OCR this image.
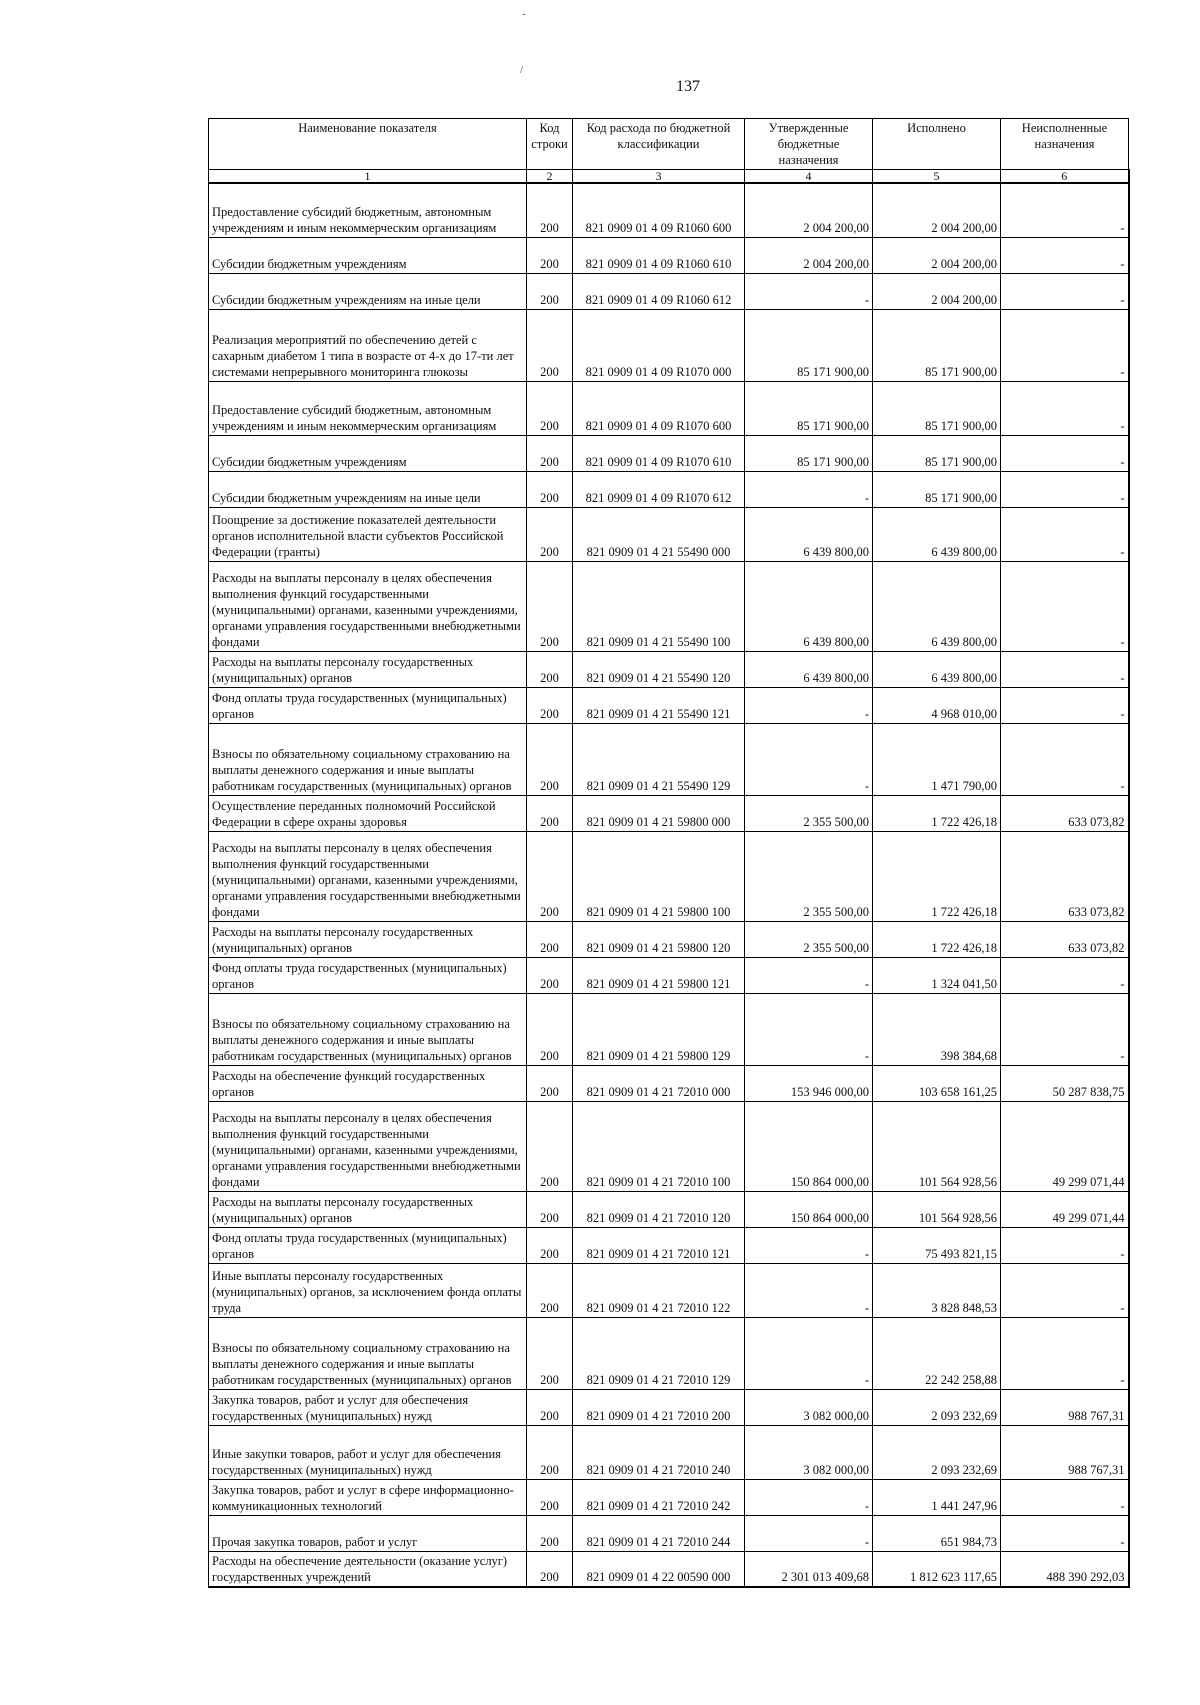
˘
/
137
Наименование показателя	Код строки	Код расхода по бюджетной классификации	Утвержденные бюджетные назначения	Исполнено	Неисполненные назначения
1	2	3	4	5	6
Предоставление субсидий бюджетным, автономным учреждениям и иным некоммерческим организациям	200	821 0909 01 4 09 R1060 600	2 004 200,00	2 004 200,00	-
Субсидии бюджетным учреждениям	200	821 0909 01 4 09 R1060 610	2 004 200,00	2 004 200,00	-
Субсидии бюджетным учреждениям на иные цели	200	821 0909 01 4 09 R1060 612	-	2 004 200,00	-
Реализация мероприятий по обеспечению детей с сахарным диабетом 1 типа в возрасте от 4-х до 17-ти лет системами непрерывного мониторинга глюкозы	200	821 0909 01 4 09 R1070 000	85 171 900,00	85 171 900,00	-
Предоставление субсидий бюджетным, автономным учреждениям и иным некоммерческим организациям	200	821 0909 01 4 09 R1070 600	85 171 900,00	85 171 900,00	-
Субсидии бюджетным учреждениям	200	821 0909 01 4 09 R1070 610	85 171 900,00	85 171 900,00	-
Субсидии бюджетным учреждениям на иные цели	200	821 0909 01 4 09 R1070 612	-	85 171 900,00	-
Поощрение за достижение показателей деятельности органов исполнительной власти субъектов Российской Федерации (гранты)	200	821 0909 01 4 21 55490 000	6 439 800,00	6 439 800,00	-
Расходы на выплаты персоналу в целях обеспечения выполнения функций государственными (муниципальными) органами, казенными учреждениями, органами управления государственными внебюджетными фондами	200	821 0909 01 4 21 55490 100	6 439 800,00	6 439 800,00	-
Расходы на выплаты персоналу государственных (муниципальных) органов	200	821 0909 01 4 21 55490 120	6 439 800,00	6 439 800,00	-
Фонд оплаты труда государственных (муниципальных) органов	200	821 0909 01 4 21 55490 121	-	4 968 010,00	-
Взносы по обязательному социальному страхованию на выплаты денежного содержания и иные выплаты работникам государственных (муниципальных) органов	200	821 0909 01 4 21 55490 129	-	1 471 790,00	-
Осуществление переданных полномочий Российской Федерации в сфере охраны здоровья	200	821 0909 01 4 21 59800 000	2 355 500,00	1 722 426,18	633 073,82
Расходы на выплаты персоналу в целях обеспечения выполнения функций государственными (муниципальными) органами, казенными учреждениями, органами управления государственными внебюджетными фондами	200	821 0909 01 4 21 59800 100	2 355 500,00	1 722 426,18	633 073,82
Расходы на выплаты персоналу государственных (муниципальных) органов	200	821 0909 01 4 21 59800 120	2 355 500,00	1 722 426,18	633 073,82
Фонд оплаты труда государственных (муниципальных) органов	200	821 0909 01 4 21 59800 121	-	1 324 041,50	-
Взносы по обязательному социальному страхованию на выплаты денежного содержания и иные выплаты работникам государственных (муниципальных) органов	200	821 0909 01 4 21 59800 129	-	398 384,68	-
Расходы на обеспечение функций государственных органов	200	821 0909 01 4 21 72010 000	153 946 000,00	103 658 161,25	50 287 838,75
Расходы на выплаты персоналу в целях обеспечения выполнения функций государственными (муниципальными) органами, казенными учреждениями, органами управления государственными внебюджетными фондами	200	821 0909 01 4 21 72010 100	150 864 000,00	101 564 928,56	49 299 071,44
Расходы на выплаты персоналу государственных (муниципальных) органов	200	821 0909 01 4 21 72010 120	150 864 000,00	101 564 928,56	49 299 071,44
Фонд оплаты труда государственных (муниципальных) органов	200	821 0909 01 4 21 72010 121	-	75 493 821,15	-
Иные выплаты персоналу государственных (муниципальных) органов, за исключением фонда оплаты труда	200	821 0909 01 4 21 72010 122	-	3 828 848,53	-
Взносы по обязательному социальному страхованию на выплаты денежного содержания и иные выплаты работникам государственных (муниципальных) органов	200	821 0909 01 4 21 72010 129	-	22 242 258,88	-
Закупка товаров, работ и услуг для обеспечения государственных (муниципальных) нужд	200	821 0909 01 4 21 72010 200	3 082 000,00	2 093 232,69	988 767,31
Иные закупки товаров, работ и услуг для обеспечения государственных (муниципальных) нужд	200	821 0909 01 4 21 72010 240	3 082 000,00	2 093 232,69	988 767,31
Закупка товаров, работ и услуг в сфере информационно-коммуникационных технологий	200	821 0909 01 4 21 72010 242	-	1 441 247,96	-
Прочая закупка товаров, работ и услуг	200	821 0909 01 4 21 72010 244	-	651 984,73	-
Расходы на обеспечение деятельности (оказание услуг) государственных учреждений	200	821 0909 01 4 22 00590 000	2 301 013 409,68	1 812 623 117,65	488 390 292,03
